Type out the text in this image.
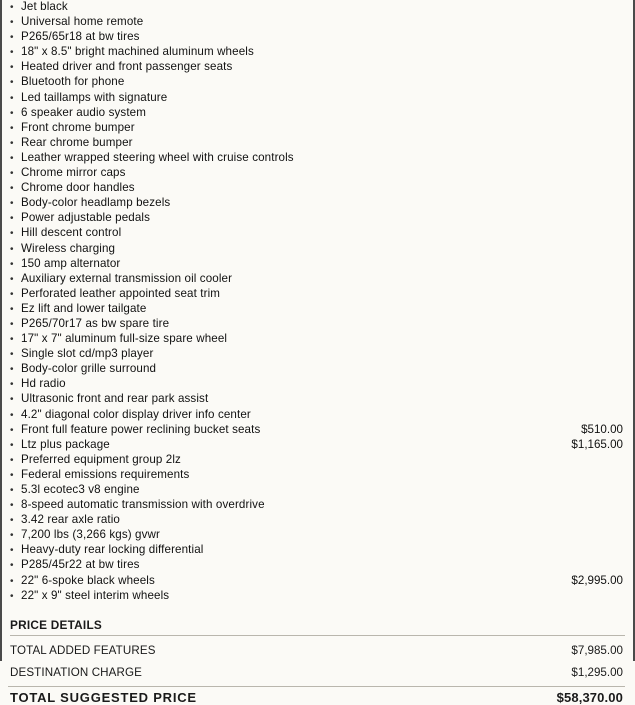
• Jet black
• Universal home remote
• P265/65r18 at bw tires
• 18" x 8.5" bright machined aluminum wheels
• Heated driver and front passenger seats
• Bluetooth for phone
• Led taillamps with signature
• 6 speaker audio system
• Front chrome bumper
• Rear chrome bumper
• Leather wrapped steering wheel with cruise controls
• Chrome mirror caps
• Chrome door handles
• Body-color headlamp bezels
• Power adjustable pedals
• Hill descent control
• Wireless charging
• 150 amp alternator
• Auxiliary external transmission oil cooler
• Perforated leather appointed seat trim
• Ez lift and lower tailgate
• P265/70r17 as bw spare tire
• 17" x 7" aluminum full-size spare wheel
• Single slot cd/mp3 player
• Body-color grille surround
• Hd radio
• Ultrasonic front and rear park assist
• 4.2" diagonal color display driver info center
• Front full feature power reclining bucket seats	$510.00
• Ltz plus package	$1,165.00
• Preferred equipment group 2lz
• Federal emissions requirements
• 5.3l ecotec3 v8 engine
• 8-speed automatic transmission with overdrive
• 3.42 rear axle ratio
• 7,200 lbs (3,266 kgs) gvwr
• Heavy-duty rear locking differential
• P285/45r22 at bw tires
• 22" 6-spoke black wheels	$2,995.00
• 22" x 9" steel interim wheels
PRICE DETAILS
TOTAL ADDED FEATURES	$7,985.00
DESTINATION CHARGE	$1,295.00
TOTAL SUGGESTED PRICE	$58,370.00
